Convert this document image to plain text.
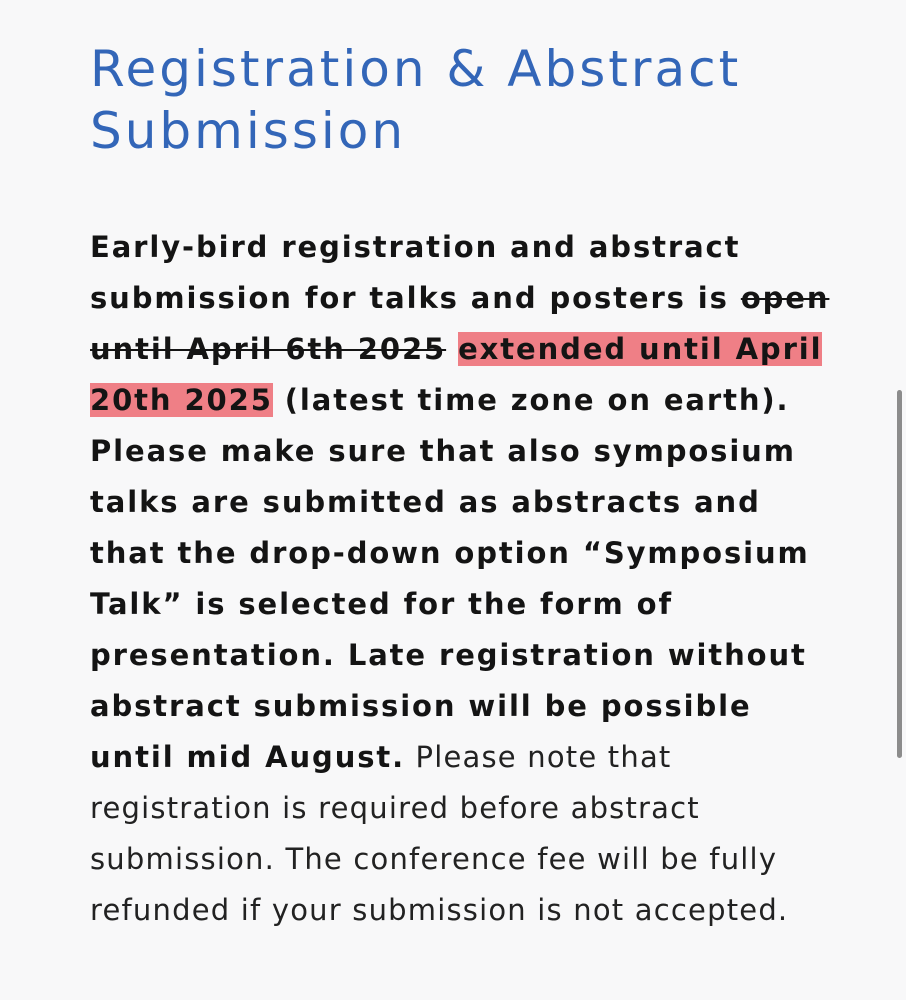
Registration & Abstract
Submission

Early-bird registration and abstract submission for talks and posters is open until April 6th 2025 extended until April 20th 2025 (latest time zone on earth). Please make sure that also symposium talks are submitted as abstracts and that the drop-down option “Symposium Talk” is selected for the form of presentation. Late registration without abstract submission will be possible until mid August. Please note that registration is required before abstract submission. The conference fee will be fully refunded if your submission is not accepted.
